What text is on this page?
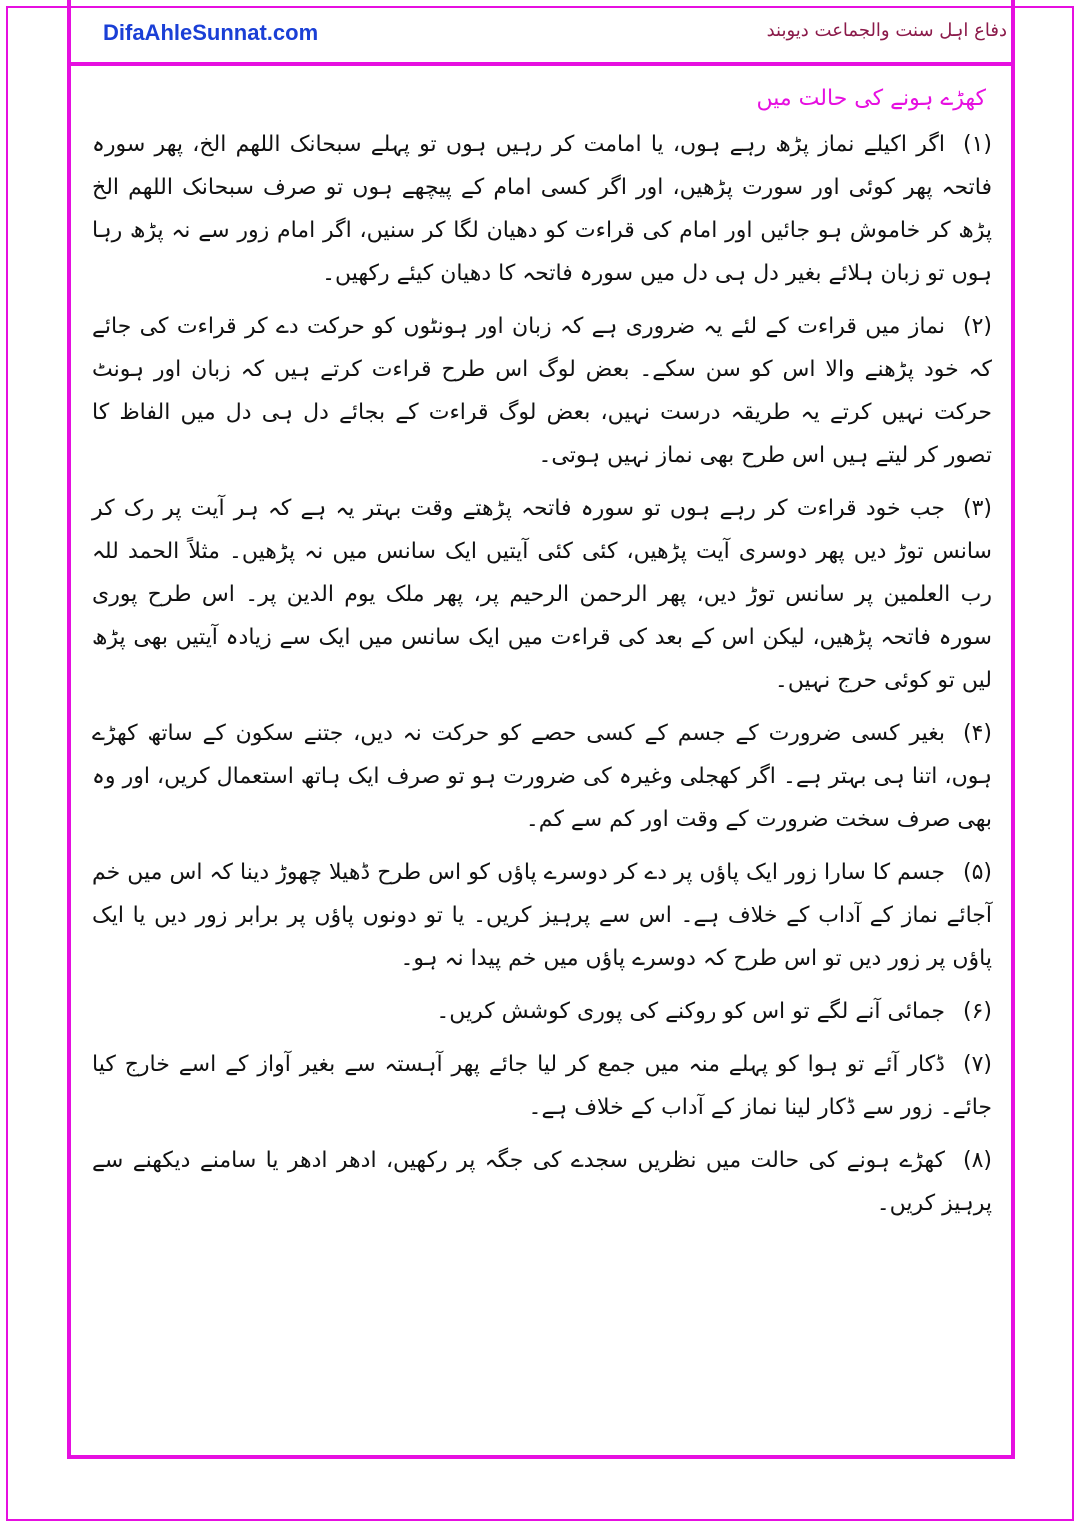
DifaAhleSunnat.com	دفاع اہل سنت والجماعت دیوبند
کھڑے ہونے کی حالت میں

(۱)اگر اکیلے نماز پڑھ رہے ہوں، یا امامت کر رہیں ہوں تو پہلے سبحانک اللھم الخ، پھر سورہ فاتحہ پھر کوئی اور سورت پڑھیں، اور اگر کسی امام کے پیچھے ہوں تو صرف سبحانک اللھم الخ پڑھ کر خاموش ہو جائیں اور امام کی قراءت کو دھیان لگا کر سنیں، اگر امام زور سے نہ پڑھ رہا ہوں تو زبان ہلائے بغیر دل ہی دل میں سورہ فاتحہ کا دھیان کیئے رکھیں۔

(۲)نماز میں قراءت کے لئے یہ ضروری ہے کہ زبان اور ہونٹوں کو حرکت دے کر قراءت کی جائے کہ خود پڑھنے والا اس کو سن سکے۔ بعض لوگ اس طرح قراءت کرتے ہیں کہ زبان اور ہونٹ حرکت نہیں کرتے یہ طریقہ درست نہیں، بعض لوگ قراءت کے بجائے دل ہی دل میں الفاظ کا تصور کر لیتے ہیں اس طرح بھی نماز نہیں ہوتی۔

(۳)جب خود قراءت کر رہے ہوں تو سورہ فاتحہ پڑھتے وقت بہتر یہ ہے کہ ہر آیت پر رک کر سانس توڑ دیں پھر دوسری آیت پڑھیں، کئی کئی آیتیں ایک سانس میں نہ پڑھیں۔ مثلاً الحمد للہ رب العلمین پر سانس توڑ دیں، پھر الرحمن الرحیم پر، پھر ملک یوم الدین پر۔ اس طرح پوری سورہ فاتحہ پڑھیں، لیکن اس کے بعد کی قراءت میں ایک سانس میں ایک سے زیادہ آیتیں بھی پڑھ لیں تو کوئی حرج نہیں۔

(۴)بغیر کسی ضرورت کے جسم کے کسی حصے کو حرکت نہ دیں، جتنے سکون کے ساتھ کھڑے ہوں، اتنا ہی بہتر ہے۔ اگر کھجلی وغیرہ کی ضرورت ہو تو صرف ایک ہاتھ استعمال کریں، اور وہ بھی صرف سخت ضرورت کے وقت اور کم سے کم۔

(۵)جسم کا سارا زور ایک پاؤں پر دے کر دوسرے پاؤں کو اس طرح ڈھیلا چھوڑ دینا کہ اس میں خم آجائے نماز کے آداب کے خلاف ہے۔ اس سے پرہیز کریں۔ یا تو دونوں پاؤں پر برابر زور دیں یا ایک پاؤں پر زور دیں تو اس طرح کہ دوسرے پاؤں میں خم پیدا نہ ہو۔

(۶)جمائی آنے لگے تو اس کو روکنے کی پوری کوشش کریں۔

(۷)ڈکار آئے تو ہوا کو پہلے منہ میں جمع کر لیا جائے پھر آہستہ سے بغیر آواز کے اسے خارج کیا جائے۔ زور سے ڈکار لینا نماز کے آداب کے خلاف ہے۔

(۸)کھڑے ہونے کی حالت میں نظریں سجدے کی جگہ پر رکھیں، ادھر ادھر یا سامنے دیکھنے سے پرہیز کریں۔
